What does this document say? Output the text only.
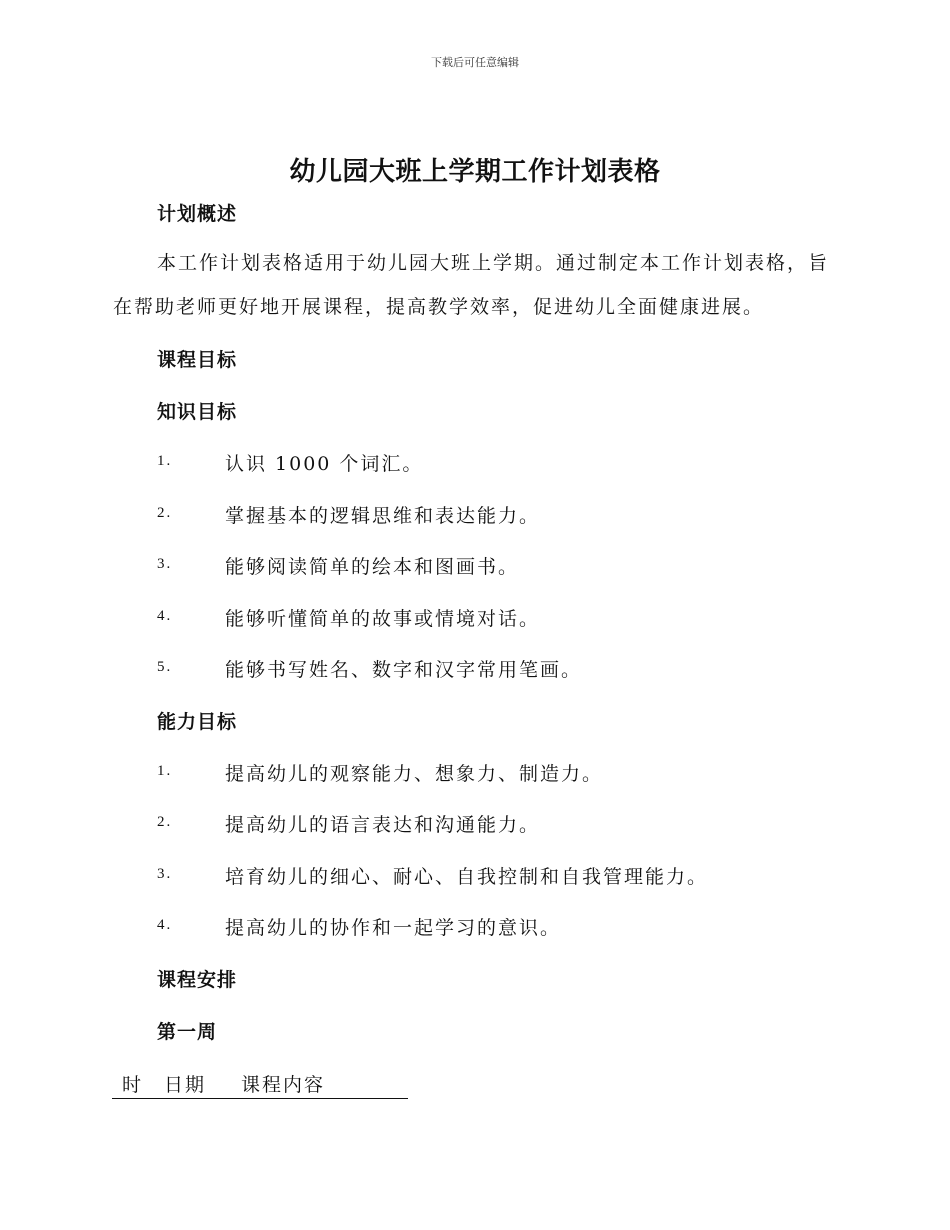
下载后可任意编辑
幼儿园大班上学期工作计划表格
计划概述

本工作计划表格适用于幼儿园大班上学期。通过制定本工作计划表格，旨在帮助老师更好地开展课程，提高教学效率，促进幼儿全面健康进展。

课程目标
知识目标
1.	认识 1000 个词汇。
2.	掌握基本的逻辑思维和表达能力。
3.	能够阅读简单的绘本和图画书。
4.	能够听懂简单的故事或情境对话。
5.	能够书写姓名、数字和汉字常用笔画。
能力目标
1.	提高幼儿的观察能力、想象力、制造力。
2.	提高幼儿的语言表达和沟通能力。
3.	培育幼儿的细心、耐心、自我控制和自我管理能力。
4.	提高幼儿的协作和一起学习的意识。
课程安排
第一周
时 日期 课程内容
